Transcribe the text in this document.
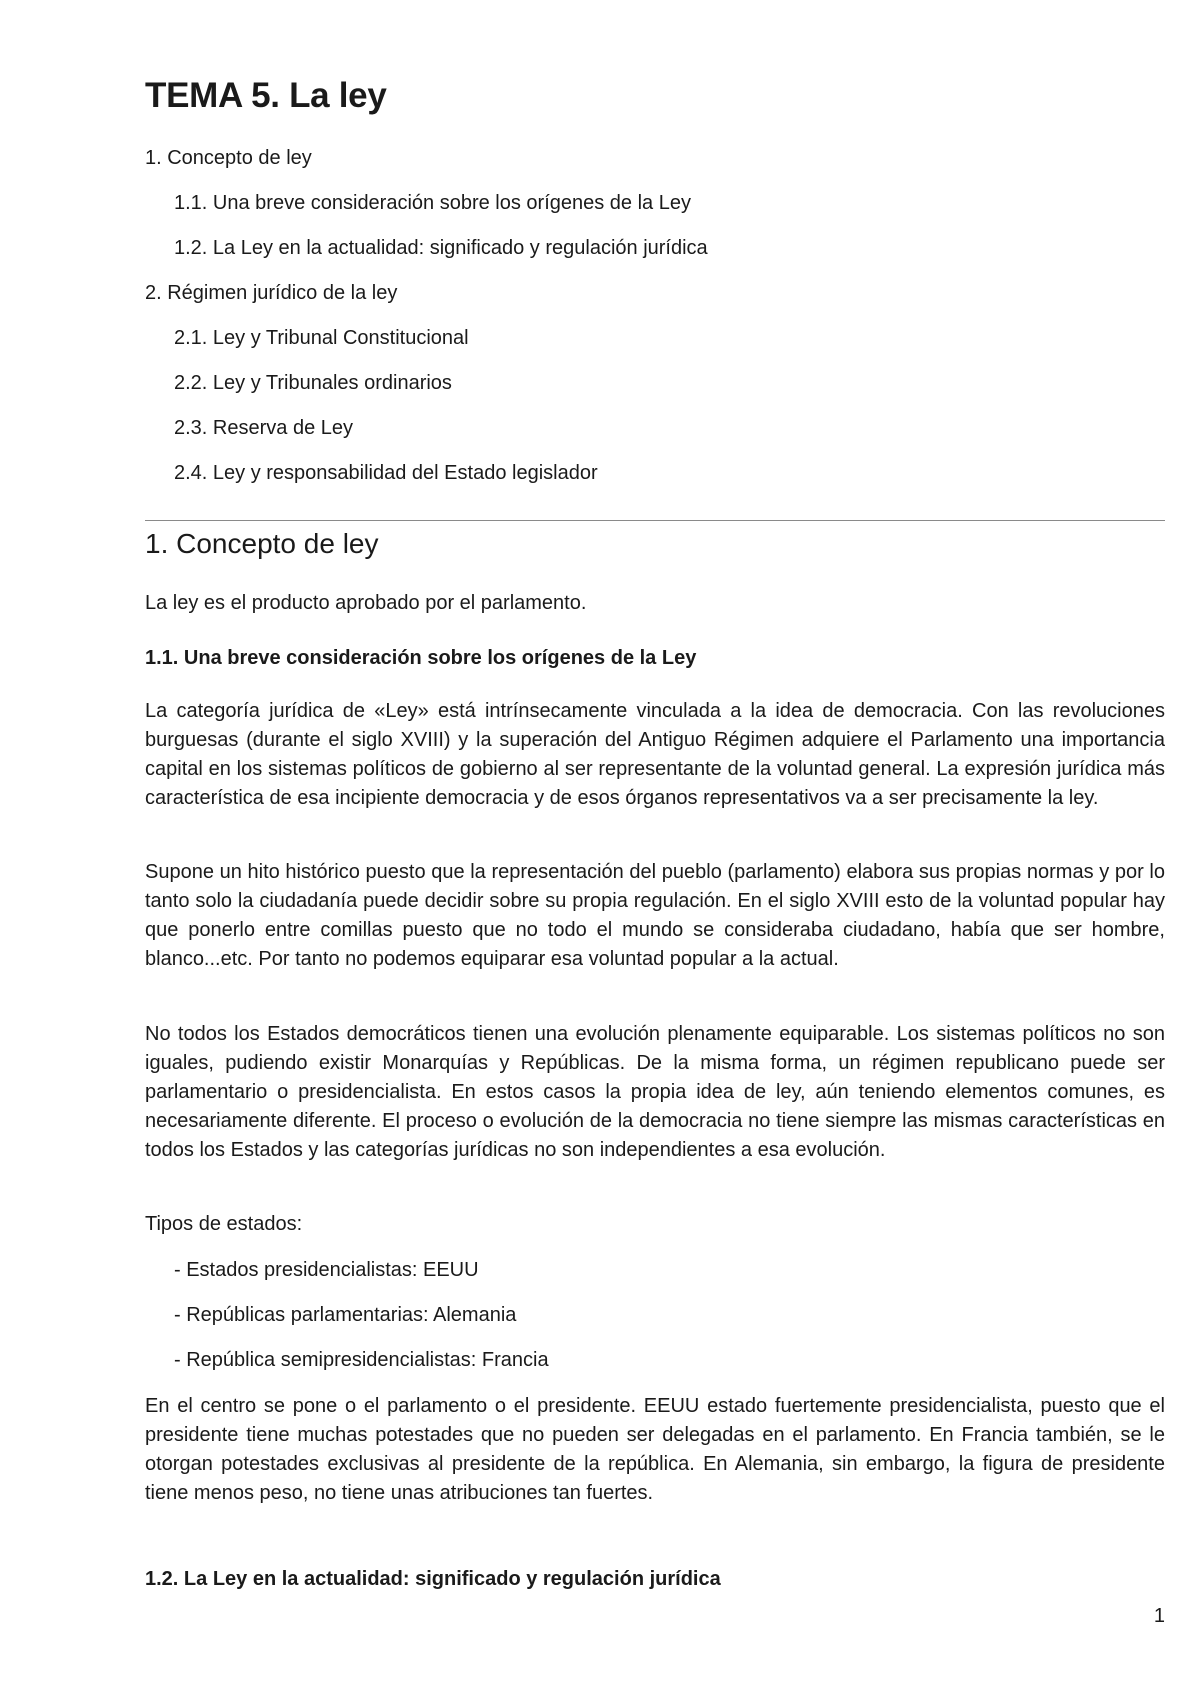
TEMA 5. La ley
1. Concepto de ley
1.1. Una breve consideración sobre los orígenes de la Ley
1.2. La Ley en la actualidad: significado y regulación jurídica
2. Régimen jurídico de la ley
2.1. Ley y Tribunal Constitucional
2.2. Ley y Tribunales ordinarios
2.3. Reserva de Ley
2.4. Ley y responsabilidad del Estado legislador
1. Concepto de ley

La ley es el producto aprobado por el parlamento.

1.1. Una breve consideración sobre los orígenes de la Ley

La categoría jurídica de «Ley» está intrínsecamente vinculada a la idea de democracia. Con las revoluciones burguesas (durante el siglo XVIII) y la superación del Antiguo Régimen adquiere el Parlamento una importancia capital en los sistemas políticos de gobierno al ser representante de la voluntad general. La expresión jurídica más característica de esa incipiente democracia y de esos órganos representativos va a ser precisamente la ley.

Supone un hito histórico puesto que la representación del pueblo (parlamento) elabora sus propias normas y por lo tanto solo la ciudadanía puede decidir sobre su propia regulación. En el siglo XVIII esto de la voluntad popular hay que ponerlo entre comillas puesto que no todo el mundo se consideraba ciudadano, había que ser hombre, blanco...etc. Por tanto no podemos equiparar esa voluntad popular a la actual.

No todos los Estados democráticos tienen una evolución plenamente equiparable. Los sistemas políticos no son iguales, pudiendo existir Monarquías y Repúblicas. De la misma forma, un régimen republicano puede ser parlamentario o presidencialista. En estos casos la propia idea de ley, aún teniendo elementos comunes, es necesariamente diferente. El proceso o evolución de la democracia no tiene siempre las mismas características en todos los Estados y las categorías jurídicas no son independientes a esa evolución.

Tipos de estados:

- Estados presidencialistas: EEUU
- Repúblicas parlamentarias: Alemania
- República semipresidencialistas: Francia

En el centro se pone o el parlamento o el presidente. EEUU estado fuertemente presidencialista, puesto que el presidente tiene muchas potestades que no pueden ser delegadas en el parlamento. En Francia también, se le otorgan potestades exclusivas al presidente de la república. En Alemania, sin embargo, la figura de presidente tiene menos peso, no tiene unas atribuciones tan fuertes.

1.2. La Ley en la actualidad: significado y regulación jurídica
1
